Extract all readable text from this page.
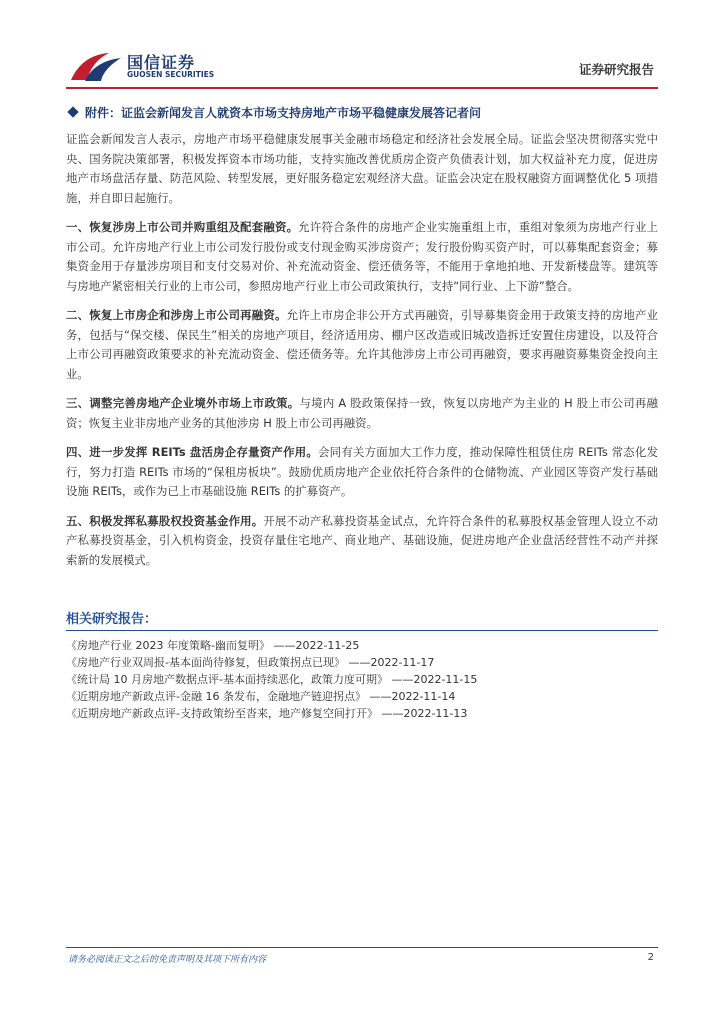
国信证券
GUOSEN SECURITIES	证券研究报告
附件：证监会新闻发言人就资本市场支持房地产市场平稳健康发展答记者问

证监会新闻发言人表示，房地产市场平稳健康发展事关金融市场稳定和经济社会发展全局。证监会坚决贯彻落实党中央、国务院决策部署，积极发挥资本市场功能，支持实施改善优质房企资产负债表计划，加大权益补充力度，促进房地产市场盘活存量、防范风险、转型发展，更好服务稳定宏观经济大盘。证监会决定在股权融资方面调整优化 5 项措施，并自即日起施行。

一、恢复涉房上市公司并购重组及配套融资。允许符合条件的房地产企业实施重组上市，重组对象须为房地产行业上市公司。允许房地产行业上市公司发行股份或支付现金购买涉房资产；发行股份购买资产时，可以募集配套资金；募集资金用于存量涉房项目和支付交易对价、补充流动资金、偿还债务等，不能用于拿地拍地、开发新楼盘等。建筑等与房地产紧密相关行业的上市公司，参照房地产行业上市公司政策执行，支持“同行业、上下游”整合。

二、恢复上市房企和涉房上市公司再融资。允许上市房企非公开方式再融资，引导募集资金用于政策支持的房地产业务，包括与“保交楼、保民生”相关的房地产项目，经济适用房、棚户区改造或旧城改造拆迁安置住房建设，以及符合上市公司再融资政策要求的补充流动资金、偿还债务等。允许其他涉房上市公司再融资，要求再融资募集资金投向主业。

三、调整完善房地产企业境外市场上市政策。与境内 A 股政策保持一致，恢复以房地产为主业的 H 股上市公司再融资；恢复主业非房地产业务的其他涉房 H 股上市公司再融资。

四、进一步发挥 REITs 盘活房企存量资产作用。会同有关方面加大工作力度，推动保障性租赁住房 REITs 常态化发行，努力打造 REITs 市场的“保租房板块”。鼓励优质房地产企业依托符合条件的仓储物流、产业园区等资产发行基础设施 REITs，或作为已上市基础设施 REITs 的扩募资产。

五、积极发挥私募股权投资基金作用。开展不动产私募投资基金试点，允许符合条件的私募股权基金管理人设立不动产私募投资基金，引入机构资金，投资存量住宅地产、商业地产、基础设施，促进房地产企业盘活经营性不动产并探索新的发展模式。

相关研究报告：
《房地产行业 2023 年度策略-幽而复明》 ——2022-11-25
《房地产行业双周报-基本面尚待修复，但政策拐点已现》 ——2022-11-17
《统计局 10 月房地产数据点评-基本面持续恶化，政策力度可期》 ——2022-11-15
《近期房地产新政点评-金融 16 条发布，金融地产链迎拐点》 ——2022-11-14
《近期房地产新政点评-支持政策纷至沓来，地产修复空间打开》 ——2022-11-13
请务必阅读正文之后的免责声明及其项下所有内容	2
